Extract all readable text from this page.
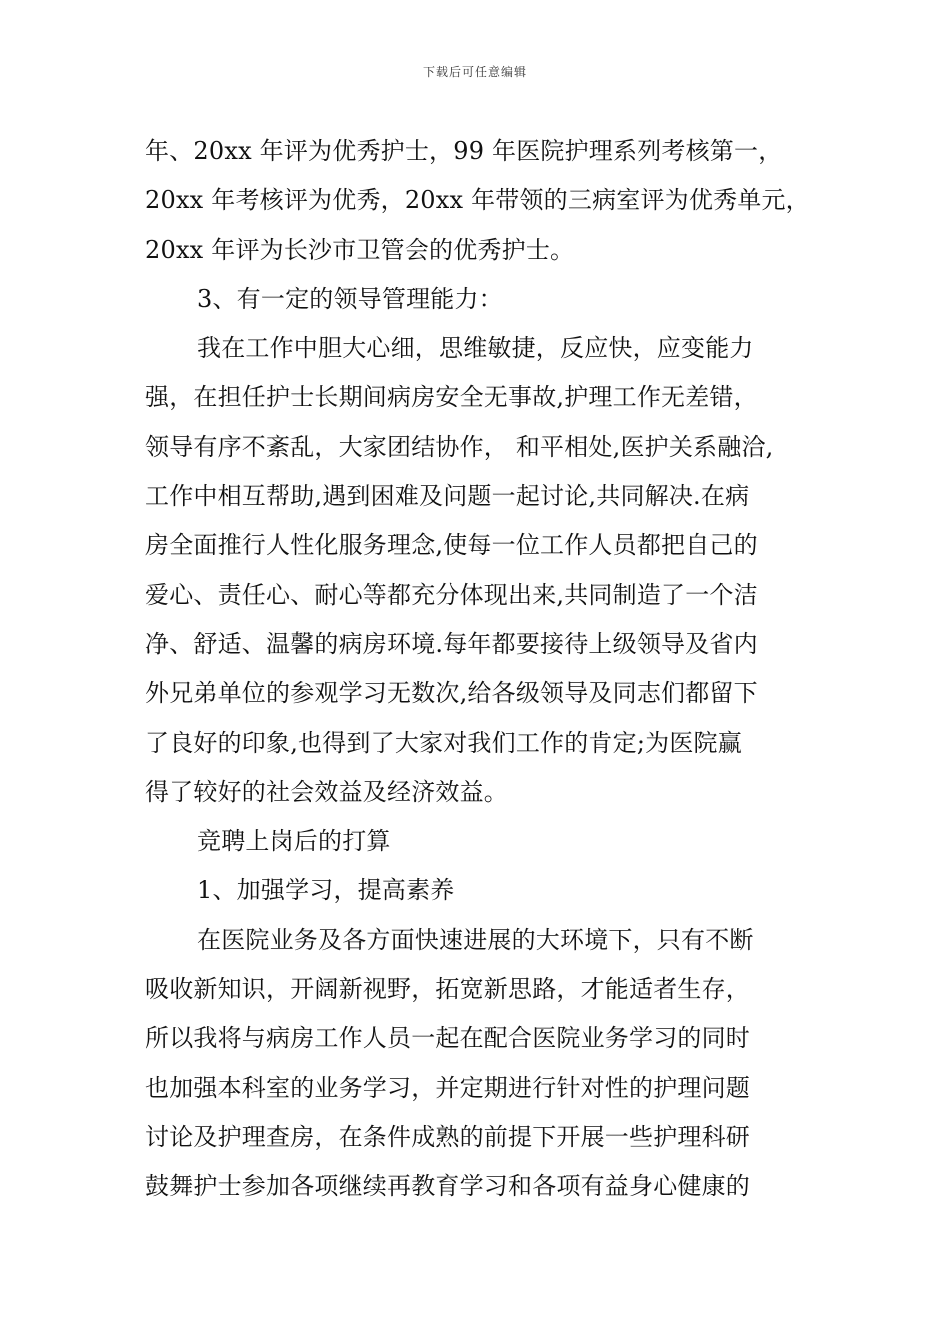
下载后可任意编辑
年、20xx 年评为优秀护士，99 年医院护理系列考核第一，
20xx 年考核评为优秀，20xx 年带领的三病室评为优秀单元，
20xx 年评为长沙市卫管会的优秀护士。
3、有一定的领导管理能力：
我在工作中胆大心细，思维敏捷，反应快，应变能力
强，在担任护士长期间病房安全无事故,护理工作无差错，
领导有序不紊乱，大家团结协作， 和平相处,医护关系融洽,
工作中相互帮助,遇到困难及问题一起讨论,共同解决.在病
房全面推行人性化服务理念,使每一位工作人员都把自己的
爱心、责任心、耐心等都充分体现出来,共同制造了一个洁
净、舒适、温馨的病房环境.每年都要接待上级领导及省内
外兄弟单位的参观学习无数次,给各级领导及同志们都留下
了良好的印象,也得到了大家对我们工作的肯定;为医院赢
得了较好的社会效益及经济效益。
竞聘上岗后的打算
1、加强学习，提高素养
在医院业务及各方面快速进展的大环境下，只有不断
吸收新知识，开阔新视野，拓宽新思路，才能适者生存，
所以我将与病房工作人员一起在配合医院业务学习的同时
也加强本科室的业务学习，并定期进行针对性的护理问题
讨论及护理查房，在条件成熟的前提下开展一些护理科研
鼓舞护士参加各项继续再教育学习和各项有益身心健康的
